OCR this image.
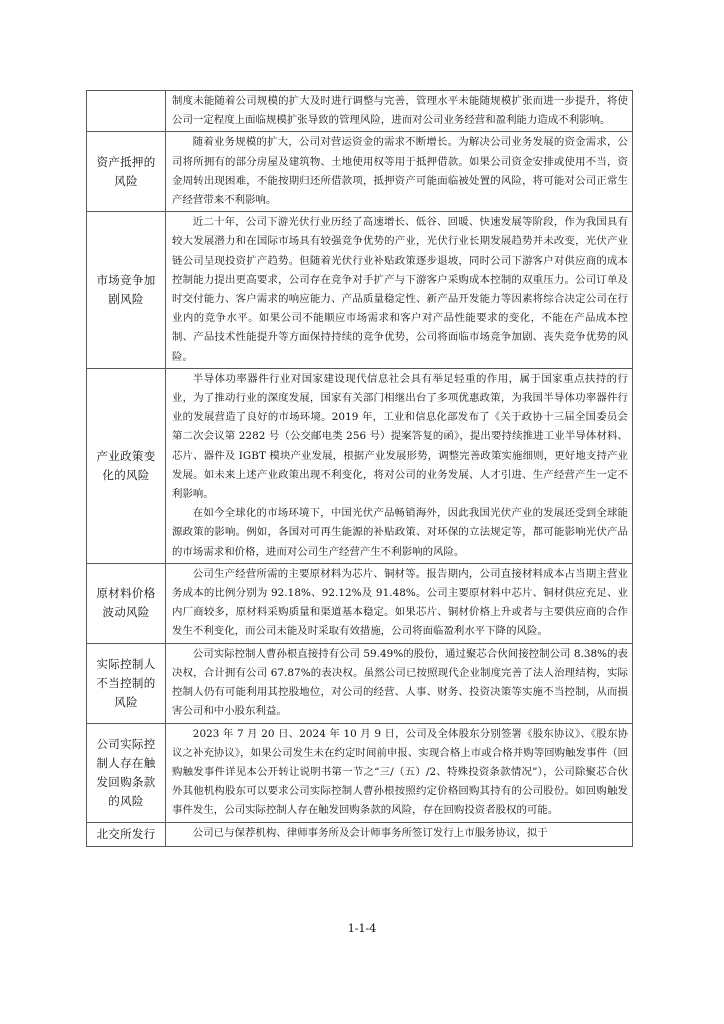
	制度未能随着公司规模的扩大及时进行调整与完善，管理水平未能随规模扩张而进一步提升，将使公司一定程度上面临规模扩张导致的管理风险，进而对公司业务经营和盈利能力造成不利影响。

资产抵押的风险	随着业务规模的扩大，公司对营运资金的需求不断增长。为解决公司业务发展的资金需求，公司将所拥有的部分房屋及建筑物、土地使用权等用于抵押借款。如果公司资金安排或使用不当，资金周转出现困难，不能按期归还所借款项，抵押资产可能面临被处置的风险，将可能对公司正常生产经营带来不利影响。

市场竞争加剧风险	近二十年，公司下游光伏行业历经了高速增长、低谷、回暖、快速发展等阶段，作为我国具有较大发展潜力和在国际市场具有较强竞争优势的产业，光伏行业长期发展趋势并未改变，光伏产业链公司呈现投资扩产趋势。但随着光伏行业补贴政策逐步退坡，同时公司下游客户对供应商的成本控制能力提出更高要求，公司存在竞争对手扩产与下游客户采购成本控制的双重压力。公司订单及时交付能力、客户需求的响应能力、产品质量稳定性、新产品开发能力等因素将综合决定公司在行业内的竞争水平。如果公司不能顺应市场需求和客户对产品性能要求的变化，不能在产品成本控制、产品技术性能提升等方面保持持续的竞争优势，公司将面临市场竞争加剧、丧失竞争优势的风险。

产业政策变化的风险	半导体功率器件行业对国家建设现代信息社会具有举足轻重的作用，属于国家重点扶持的行业，为了推动行业的深度发展，国家有关部门相继出台了多项优惠政策，为我国半导体功率器件行业的发展营造了良好的市场环境。2019 年，工业和信息化部发布了《关于政协十三届全国委员会第二次会议第 2282 号（公交邮电类 256 号）提案答复的函》，提出要持续推进工业半导体材料、芯片、器件及 IGBT 模块产业发展，根据产业发展形势，调整完善政策实施细则，更好地支持产业发展。如未来上述产业政策出现不利变化，将对公司的业务发展、人才引进、生产经营产生一定不利影响。

在如今全球化的市场环境下，中国光伏产品畅销海外，因此我国光伏产业的发展还受到全球能源政策的影响。例如，各国对可再生能源的补贴政策、对环保的立法规定等，都可能影响光伏产品的市场需求和价格，进而对公司生产经营产生不利影响的风险。

原材料价格波动风险	公司生产经营所需的主要原材料为芯片、铜材等。报告期内，公司直接材料成本占当期主营业务成本的比例分别为 92.18%、92.12%及 91.48%。公司主要原材料中芯片、铜材供应充足、业内厂商较多，原材料采购质量和渠道基本稳定。如果芯片、铜材价格上升或者与主要供应商的合作发生不利变化，而公司未能及时采取有效措施，公司将面临盈利水平下降的风险。

实际控制人不当控制的风险	公司实际控制人曹孙根直接持有公司 59.49%的股份，通过聚芯合伙间接控制公司 8.38%的表决权，合计拥有公司 67.87%的表决权。虽然公司已按照现代企业制度完善了法人治理结构，实际控制人仍有可能利用其控股地位，对公司的经营、人事、财务、投资决策等实施不当控制，从而损害公司和中小股东利益。

公司实际控制人存在触发回购条款的风险	2023 年 7 月 20 日、2024 年 10 月 9 日，公司及全体股东分别签署《股东协议》、《股东协议之补充协议》，如果公司发生未在约定时间前申报、实现合格上市或合格并购等回购触发事件（回购触发事件详见本公开转让说明书第一节之“三/（五）/2、特殊投资条款情况”），公司除聚芯合伙外其他机构股东可以要求公司实际控制人曹孙根按照约定价格回购其持有的公司股份。如回购触发事件发生，公司实际控制人存在触发回购条款的风险，存在回购投资者股权的可能。

北交所发行	公司已与保荐机构、律师事务所及会计师事务所签订发行上市服务协议，拟于

1-1-4
